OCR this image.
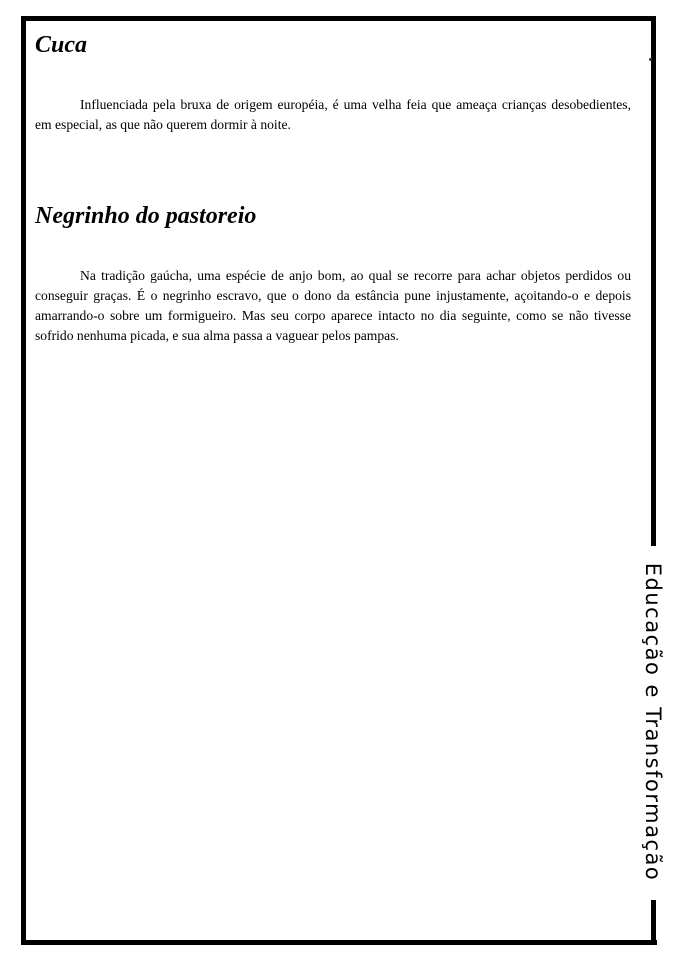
Cuca

Influenciada pela bruxa de origem européia, é uma velha feia que ameaça crianças desobedientes, em especial, as que não querem dormir à noite.

Negrinho do pastoreio

Na tradição gaúcha, uma espécie de anjo bom, ao qual se recorre para achar objetos perdidos ou conseguir graças. É o negrinho escravo, que o dono da estância pune injustamente, açoitando-o e depois amarrando-o sobre um formigueiro. Mas seu corpo aparece intacto no dia seguinte, como se não tivesse sofrido nenhuma picada, e sua alma passa a vaguear pelos pampas.

Educação e Transformação
